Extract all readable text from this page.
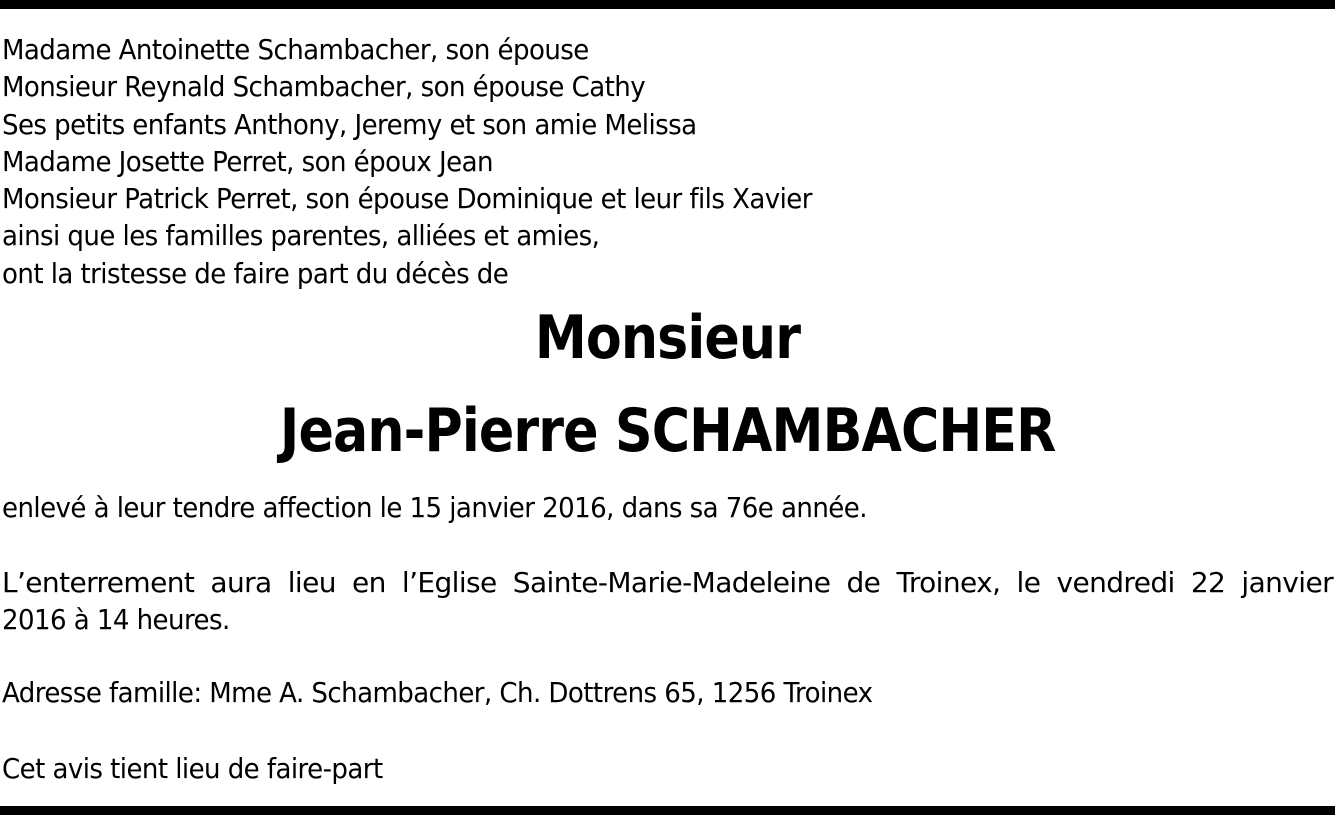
Madame Antoinette Schambacher, son épouse
Monsieur Reynald Schambacher, son épouse Cathy
Ses petits enfants Anthony, Jeremy et son amie Melissa
Madame Josette Perret, son époux Jean
Monsieur Patrick Perret, son épouse Dominique et leur fils Xavier
ainsi que les familles parentes, alliées et amies,
ont la tristesse de faire part du décès de
Monsieur
Jean-Pierre SCHAMBACHER
enlevé à leur tendre affection le 15 janvier 2016, dans sa 76e année.
L’enterrement aura lieu en l’Eglise Sainte-Marie-Madeleine de Troinex, le vendredi 22 janvier
2016 à 14 heures.
Adresse famille: Mme A. Schambacher, Ch. Dottrens 65, 1256 Troinex
Cet avis tient lieu de faire-part
